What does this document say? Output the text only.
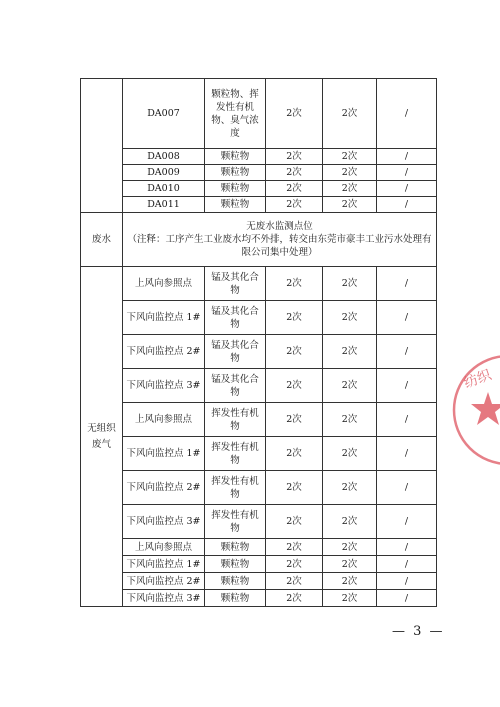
	DA007	颗粒物、挥发性有机物、臭气浓度	2次	2次	/
	DA008	颗粒物	2次	2次	/
	DA009	颗粒物	2次	2次	/
	DA010	颗粒物	2次	2次	/
	DA011	颗粒物	2次	2次	/
废水	无废水监测点位
（注释：工序产生工业废水均不外排，转交由东莞市豪丰工业污水处理有限公司集中处理）				

无组织废气	上风向参照点	锰及其化合物	2次	2次	/
	下风向监控点 1#	锰及其化合物	2次	2次	/
	下风向监控点 2#	锰及其化合物	2次	2次	/
	下风向监控点 3#	锰及其化合物	2次	2次	/
	上风向参照点	挥发性有机物	2次	2次	/
	下风向监控点 1#	挥发性有机物	2次	2次	/
	下风向监控点 2#	挥发性有机物	2次	2次	/
	下风向监控点 3#	挥发性有机物	2次	2次	/
	上风向参照点	颗粒物	2次	2次	/
	下风向监控点 1#	颗粒物	2次	2次	/
	下风向监控点 2#	颗粒物	2次	2次	/
	下风向监控点 3#	颗粒物	2次	2次	/
纺织
— 3 —
